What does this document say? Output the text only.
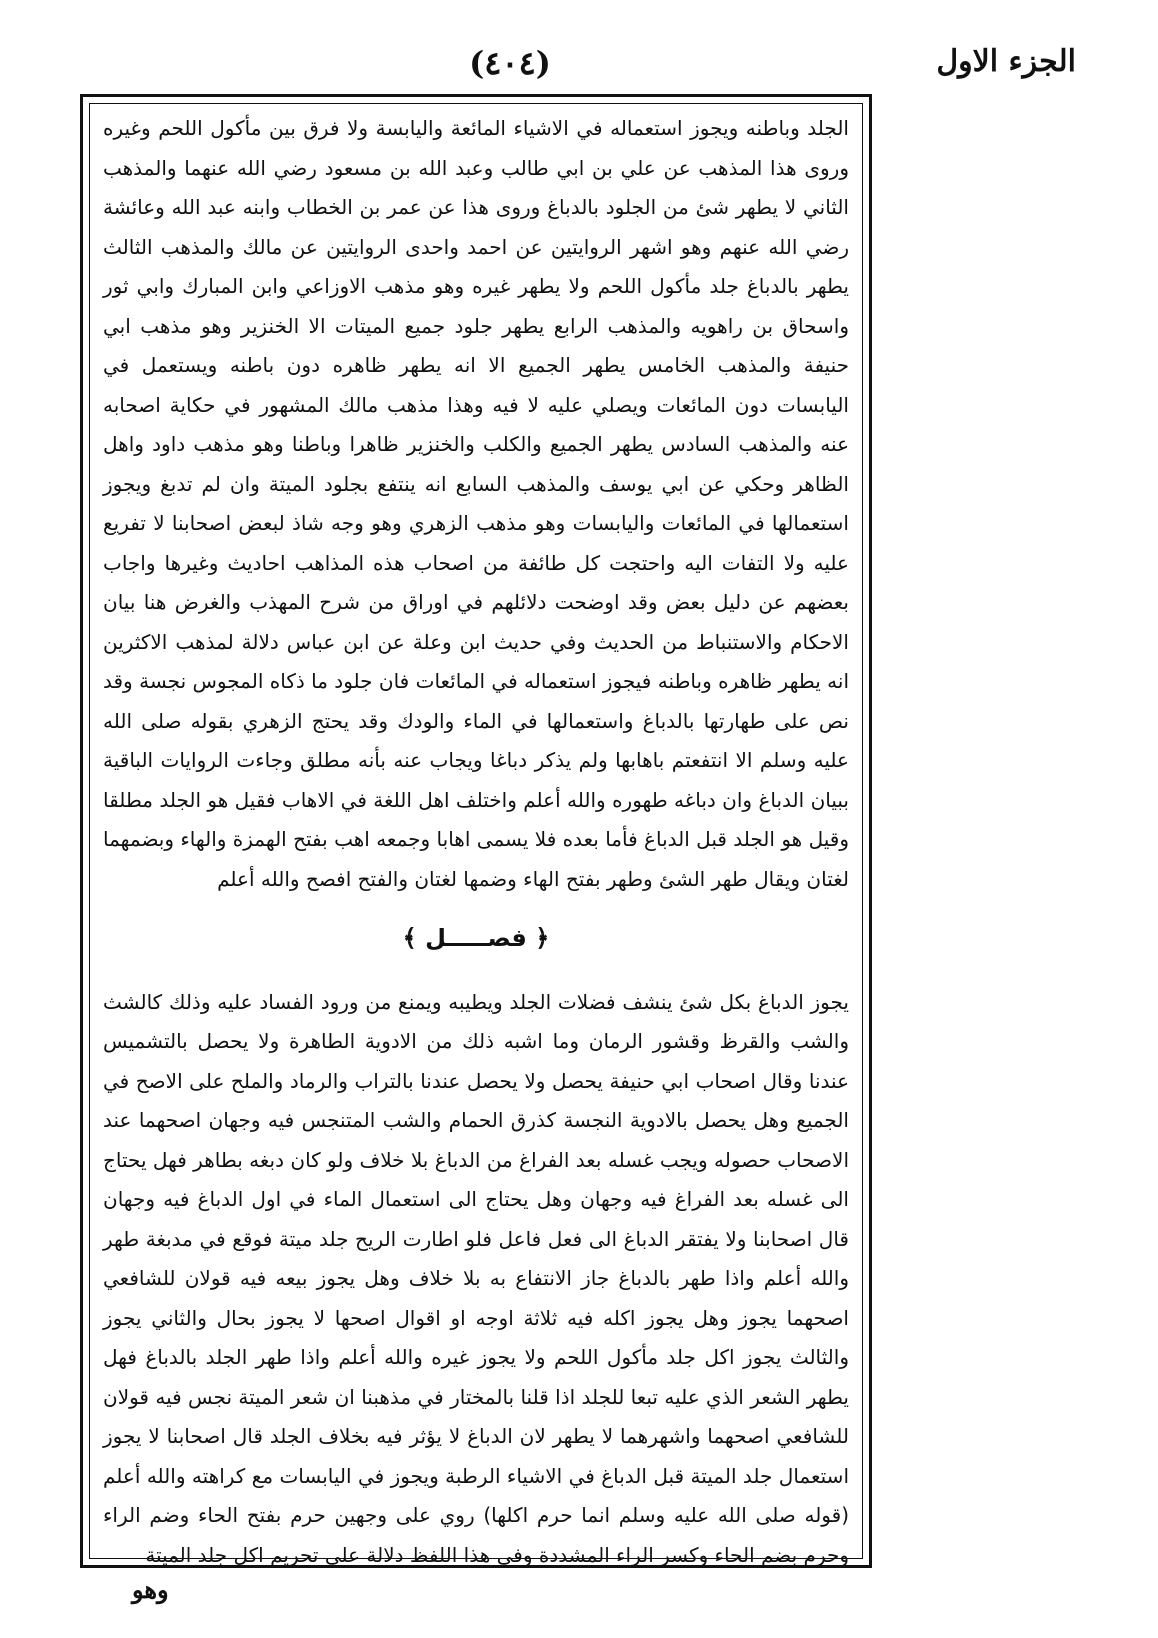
(٤٠٤)	الجزء الاول

الجلد وباطنه ويجوز استعماله في الاشياء المائعة واليابسة ولا فرق بين مأكول اللحم وغيره وروى هذا المذهب عن علي بن ابي طالب وعبد الله بن مسعود رضي الله عنهما والمذهب الثاني لا يطهر شئ من الجلود بالدباغ وروى هذا عن عمر بن الخطاب وابنه عبد الله وعائشة رضي الله عنهم وهو اشهر الروايتين عن احمد واحدى الروايتين عن مالك والمذهب الثالث يطهر بالدباغ جلد مأكول اللحم ولا يطهر غيره وهو مذهب الاوزاعي وابن المبارك وابي ثور واسحاق بن راهويه والمذهب الرابع يطهر جلود جميع الميتات الا الخنزير وهو مذهب ابي حنيفة والمذهب الخامس يطهر الجميع الا انه يطهر ظاهره دون باطنه ويستعمل في اليابسات دون المائعات ويصلي عليه لا فيه وهذا مذهب مالك المشهور في حكاية اصحابه عنه والمذهب السادس يطهر الجميع والكلب والخنزير ظاهرا وباطنا وهو مذهب داود واهل الظاهر وحكي عن ابي يوسف والمذهب السابع انه ينتفع بجلود الميتة وان لم تدبغ ويجوز استعمالها في المائعات واليابسات وهو مذهب الزهري وهو وجه شاذ لبعض اصحابنا لا تفريع عليه ولا التفات اليه واحتجت كل طائفة من اصحاب هذه المذاهب احاديث وغيرها واجاب بعضهم عن دليل بعض وقد اوضحت دلائلهم في اوراق من شرح المهذب والغرض هنا بيان الاحكام والاستنباط من الحديث وفي حديث ابن وعلة عن ابن عباس دلالة لمذهب الاكثرين انه يطهر ظاهره وباطنه فيجوز استعماله في المائعات فان جلود ما ذكاه المجوس نجسة وقد نص على طهارتها بالدباغ واستعمالها في الماء والودك وقد يحتج الزهري بقوله صلى الله عليه وسلم الا انتفعتم باهابها ولم يذكر دباغا ويجاب عنه بأنه مطلق وجاءت الروايات الباقية ببيان الدباغ وان دباغه طهوره والله أعلم واختلف اهل اللغة في الاهاب فقيل هو الجلد مطلقا وقيل هو الجلد قبل الدباغ فأما بعده فلا يسمى اهابا وجمعه اهب بفتح الهمزة والهاء وبضمهما لغتان ويقال طهر الشئ وطهر بفتح الهاء وضمها لغتان والفتح افصح والله أعلم

﴿ فصـــــل ﴾

يجوز الدباغ بكل شئ ينشف فضلات الجلد ويطيبه ويمنع من ورود الفساد عليه وذلك كالشث والشب والقرظ وقشور الرمان وما اشبه ذلك من الادوية الطاهرة ولا يحصل بالتشميس عندنا وقال اصحاب ابي حنيفة يحصل ولا يحصل عندنا بالتراب والرماد والملح على الاصح في الجميع وهل يحصل بالادوية النجسة كذرق الحمام والشب المتنجس فيه وجهان اصحهما عند الاصحاب حصوله ويجب غسله بعد الفراغ من الدباغ بلا خلاف ولو كان دبغه بطاهر فهل يحتاج الى غسله بعد الفراغ فيه وجهان وهل يحتاج الى استعمال الماء في اول الدباغ فيه وجهان قال اصحابنا ولا يفتقر الدباغ الى فعل فاعل فلو اطارت الريح جلد ميتة فوقع في مدبغة طهر والله أعلم واذا طهر بالدباغ جاز الانتفاع به بلا خلاف وهل يجوز بيعه فيه قولان للشافعي اصحهما يجوز وهل يجوز اكله فيه ثلاثة اوجه او اقوال اصحها لا يجوز بحال والثاني يجوز والثالث يجوز اكل جلد مأكول اللحم ولا يجوز غيره والله أعلم واذا طهر الجلد بالدباغ فهل يطهر الشعر الذي عليه تبعا للجلد اذا قلنا بالمختار في مذهبنا ان شعر الميتة نجس فيه قولان للشافعي اصحهما واشهرهما لا يطهر لان الدباغ لا يؤثر فيه بخلاف الجلد قال اصحابنا لا يجوز استعمال جلد الميتة قبل الدباغ في الاشياء الرطبة ويجوز في اليابسات مع كراهته والله أعلم (قوله صلى الله عليه وسلم انما حرم اكلها) روي على وجهين حرم بفتح الحاء وضم الراء وحرم بضم الحاء وكسر الراء المشددة وفي هذا اللفظ دلالة على تحريم اكل جلد الميتة

وهو
